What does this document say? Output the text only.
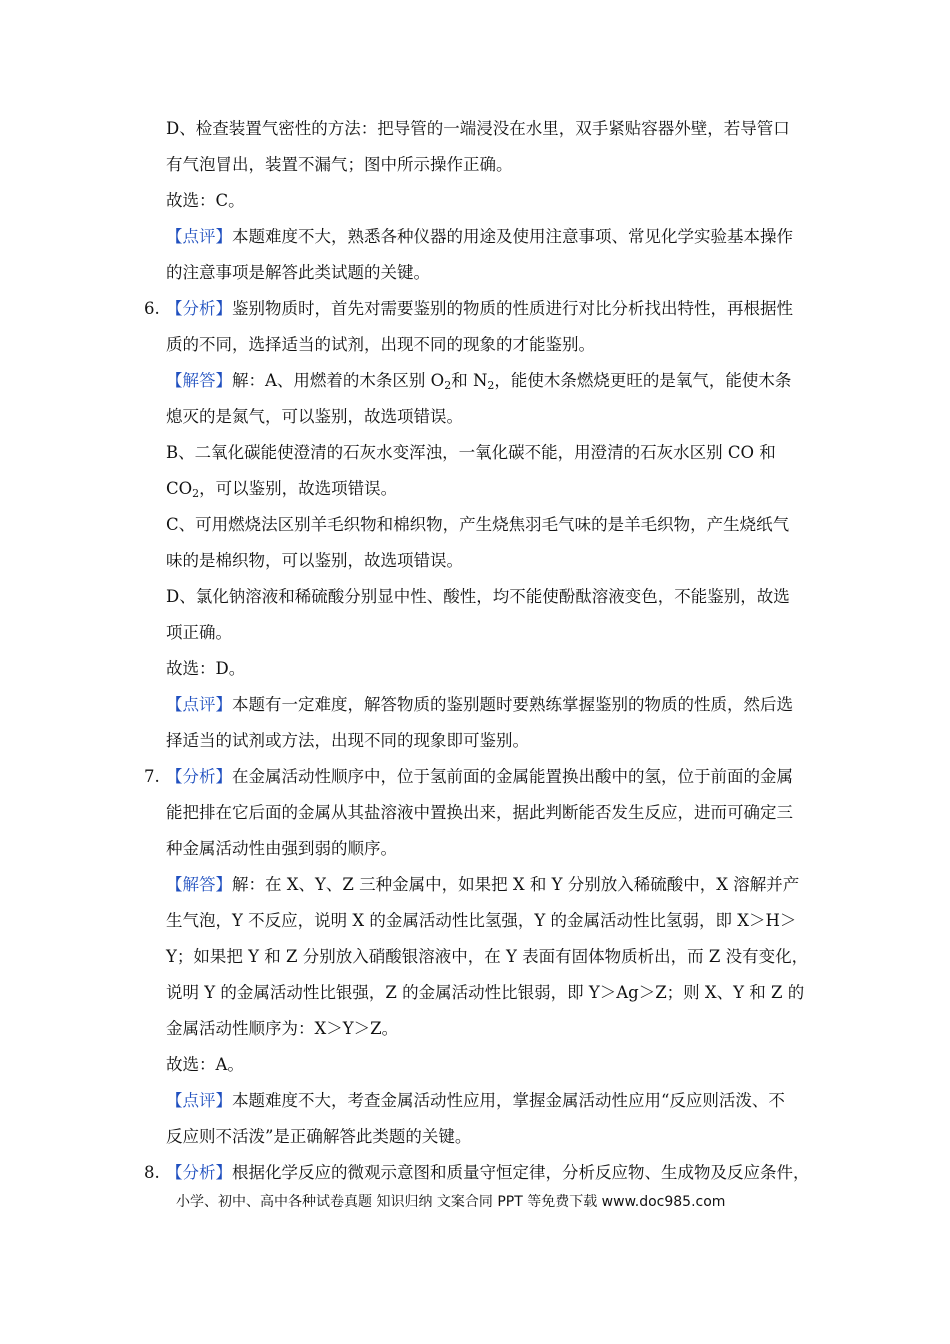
D、检查装置气密性的方法：把导管的一端浸没在水里，双手紧贴容器外壁，若导管口
有气泡冒出，装置不漏气；图中所示操作正确。
故选：C。
【点评】本题难度不大，熟悉各种仪器的用途及使用注意事项、常见化学实验基本操作
的注意事项是解答此类试题的关键。
6. 【分析】鉴别物质时，首先对需要鉴别的物质的性质进行对比分析找出特性，再根据性
质的不同，选择适当的试剂，出现不同的现象的才能鉴别。
【解答】解：A、用燃着的木条区别 $O_2$和 $N_2$，能使木条燃烧更旺的是氧气，能使木条
熄灭的是氮气，可以鉴别，故选项错误。
B、二氧化碳能使澄清的石灰水变浑浊，一氧化碳不能，用澄清的石灰水区别 CO 和
$CO_2$，可以鉴别，故选项错误。
C、可用燃烧法区别羊毛织物和棉织物，产生烧焦羽毛气味的是羊毛织物，产生烧纸气
味的是棉织物，可以鉴别，故选项错误。
D、氯化钠溶液和稀硫酸分别显中性、酸性，均不能使酚酞溶液变色，不能鉴别，故选
项正确。
故选：D。
【点评】本题有一定难度，解答物质的鉴别题时要熟练掌握鉴别的物质的性质，然后选
择适当的试剂或方法，出现不同的现象即可鉴别。
7. 【分析】在金属活动性顺序中，位于氢前面的金属能置换出酸中的氢，位于前面的金属
能把排在它后面的金属从其盐溶液中置换出来，据此判断能否发生反应，进而可确定三
种金属活动性由强到弱的顺序。
【解答】解：在 X、Y、Z 三种金属中，如果把 X 和 Y 分别放入稀硫酸中，X 溶解并产
生气泡，Y 不反应，说明 X 的金属活动性比氢强，Y 的金属活动性比氢弱，即 X＞H＞
Y；如果把 Y 和 Z 分别放入硝酸银溶液中，在 Y 表面有固体物质析出，而 Z 没有变化，
说明 Y 的金属活动性比银强，Z 的金属活动性比银弱，即 Y＞Ag＞Z；则 X、Y 和 Z 的
金属活动性顺序为：X＞Y＞Z。
故选：A。
【点评】本题难度不大，考查金属活动性应用，掌握金属活动性应用“反应则活泼、不
反应则不活泼”是正确解答此类题的关键。
8. 【分析】根据化学反应的微观示意图和质量守恒定律，分析反应物、生成物及反应条件，
小学、初中、高中各种试卷真题 知识归纳 文案合同 PPT 等免费下载 www.doc985.com
